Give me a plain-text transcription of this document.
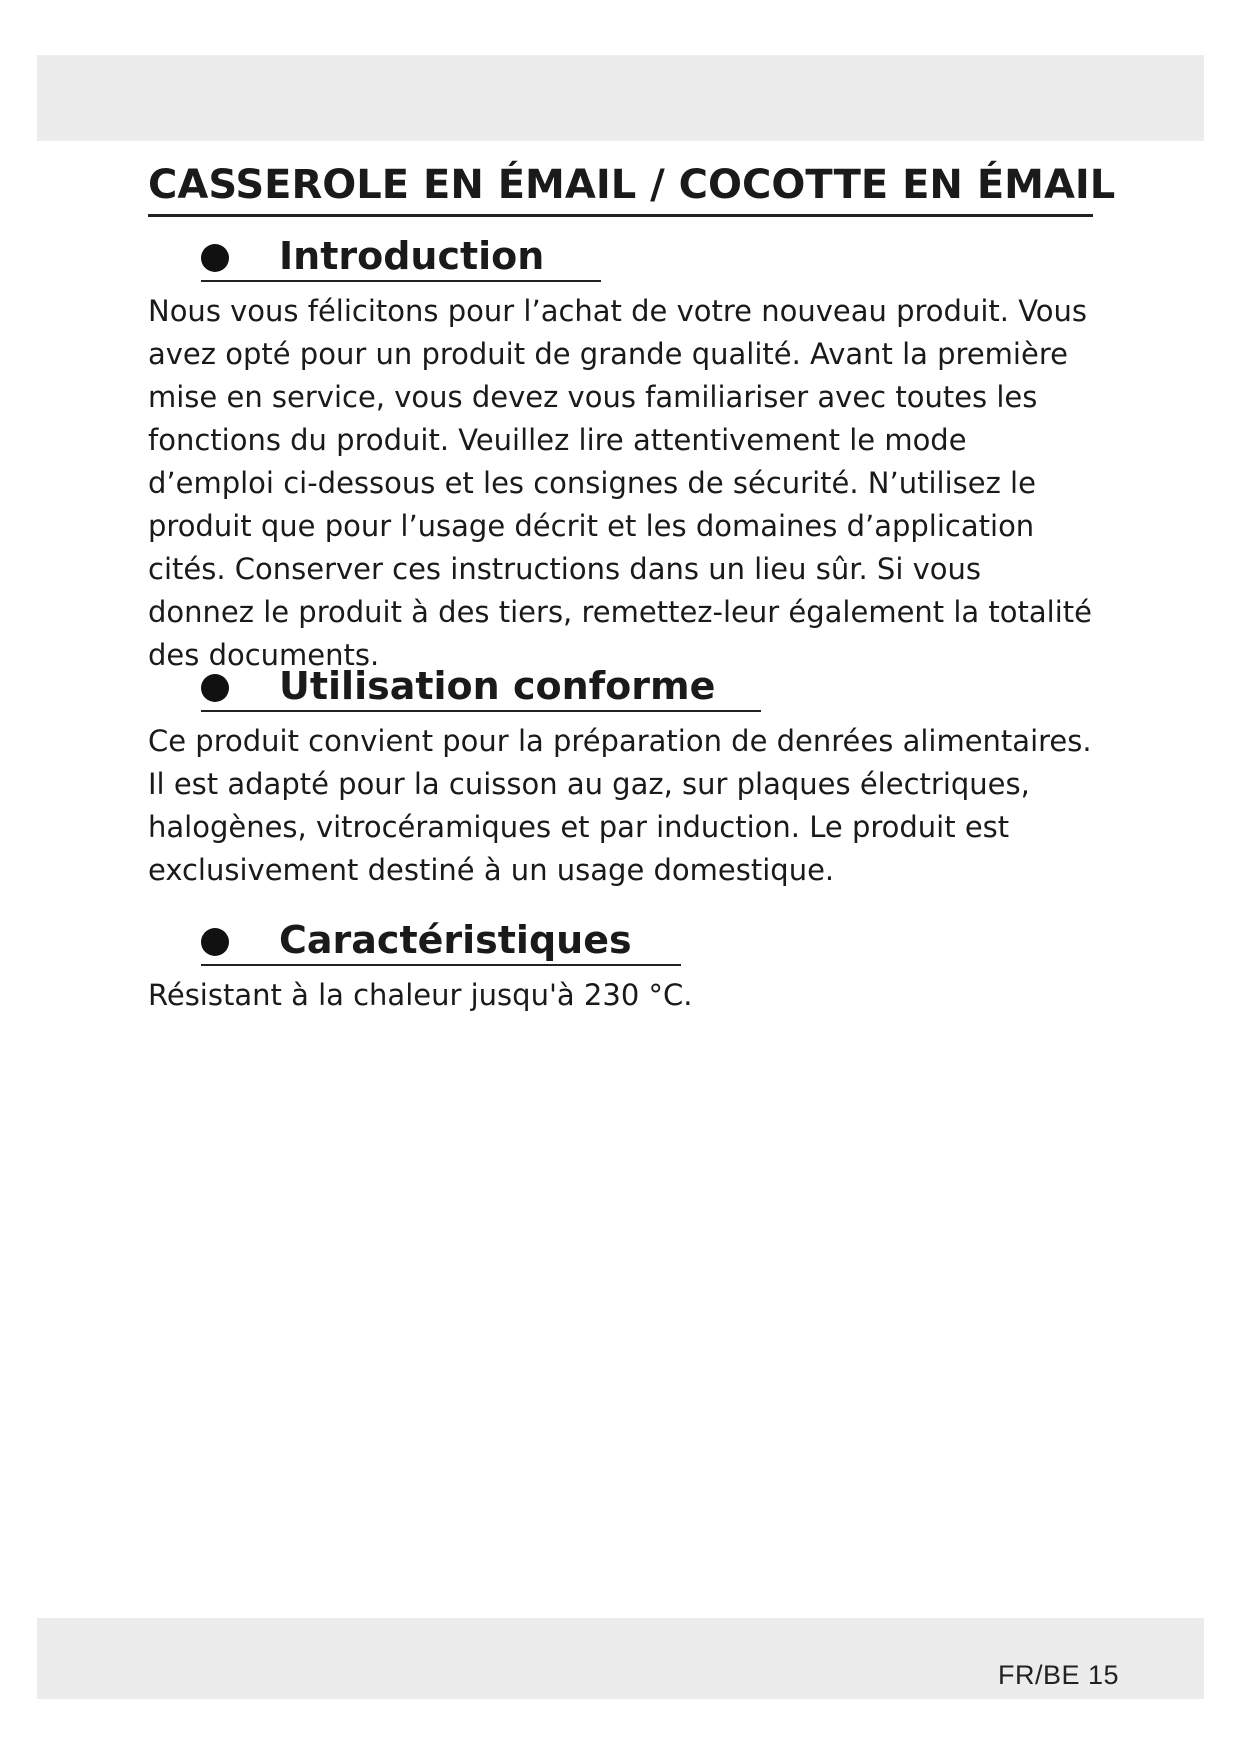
CASSEROLE EN ÉMAIL / COCOTTE EN ÉMAIL
Introduction

Nous vous félicitons pour l’achat de votre nouveau produit. Vous avez opté pour un produit de grande qualité. Avant la première mise en service, vous devez vous familiariser avec toutes les fonctions du produit. Veuillez lire attentivement le mode d’emploi ci-dessous et les consignes de sécurité. N’utilisez le produit que pour l’usage décrit et les domaines d’application cités. Conserver ces instructions dans un lieu sûr. Si vous donnez le produit à des tiers, remettez-leur également la totalité des documents.

Utilisation conforme

Ce produit convient pour la préparation de denrées alimentaires. Il est adapté pour la cuisson au gaz, sur plaques électriques, halogènes, vitrocéramiques et par induction. Le produit est exclusivement destiné à un usage domestique.

Caractéristiques

Résistant à la chaleur jusqu'à 230 °C.

FR/BE 15
